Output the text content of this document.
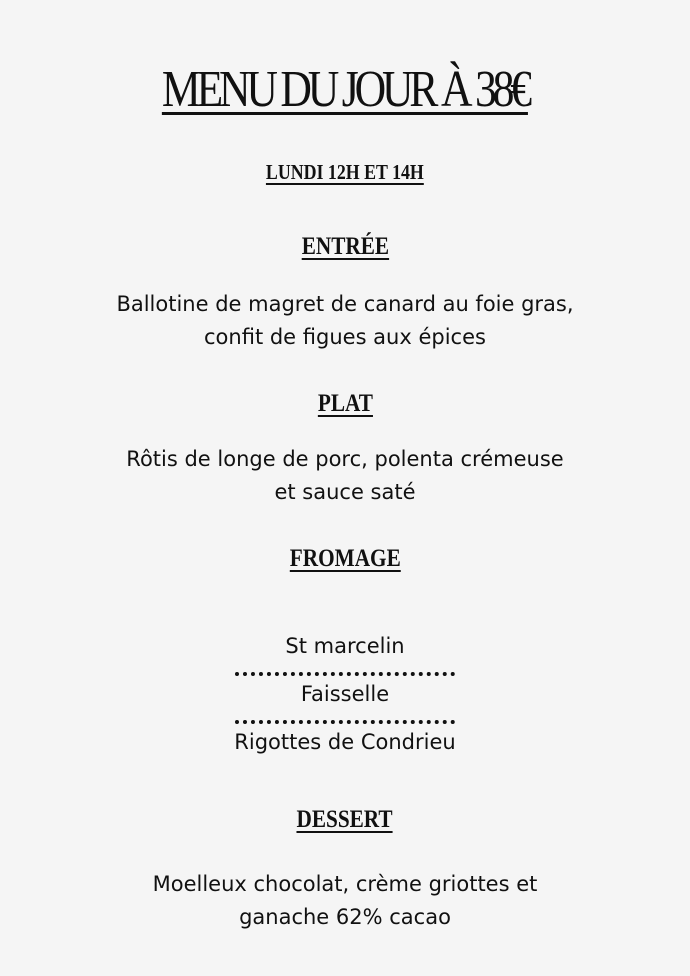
MENU DU JOUR À 38€
LUNDI 12H ET 14H
ENTRÉE
Ballotine de magret de canard au foie gras,
confit de figues aux épices
PLAT
Rôtis de longe de porc, polenta crémeuse
et sauce saté
FROMAGE
St marcelin
Faisselle
Rigottes de Condrieu
DESSERT
Moelleux chocolat, crème griottes et
ganache 62% cacao
